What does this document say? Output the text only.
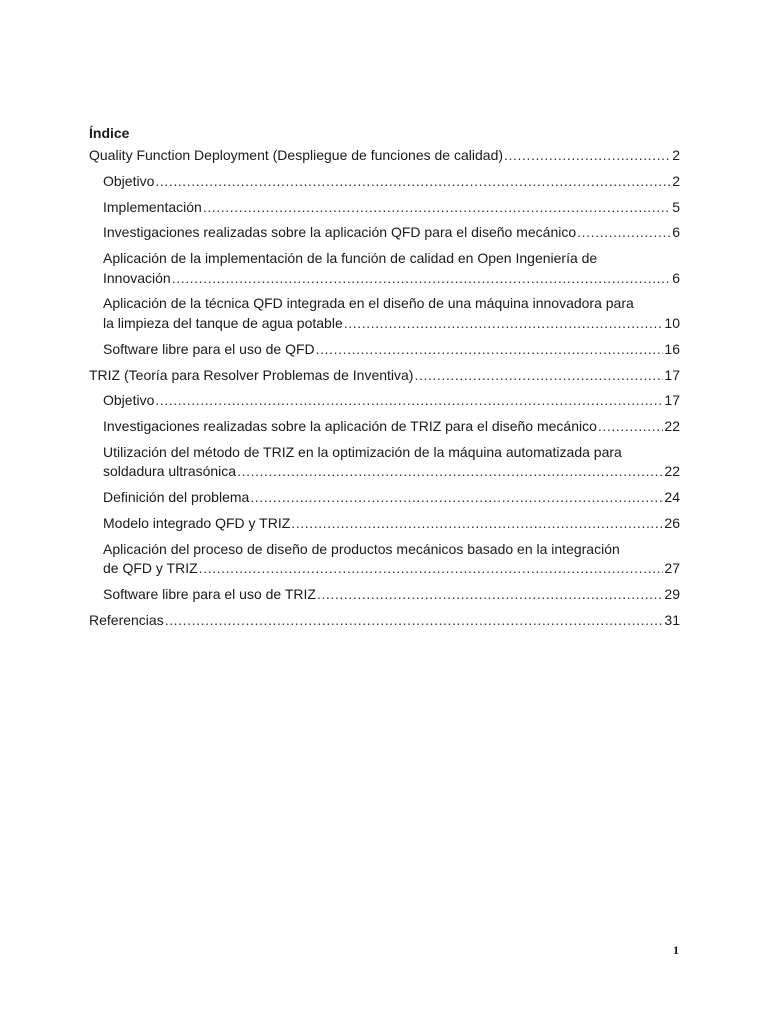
Índice
Quality Function Deployment (Despliegue de funciones de calidad) .....	2
Objetivo .....	2
Implementación .....	5
Investigaciones realizadas sobre la aplicación QFD para el diseño mecánico .....	6
Aplicación de la implementación de la función de calidad en Open Ingeniería de
Innovación .....	6
Aplicación de la técnica QFD integrada en el diseño de una máquina innovadora para
la limpieza del tanque de agua potable .....	10
Software libre para el uso de QFD .....	16
TRIZ (Teoría para Resolver Problemas de Inventiva) .....	17
Objetivo .....	17
Investigaciones realizadas sobre la aplicación de TRIZ para el diseño mecánico .....	22
Utilización del método de TRIZ en la optimización de la máquina automatizada para
soldadura ultrasónica .....	22
Definición del problema .....	24
Modelo integrado QFD y TRIZ .....	26
Aplicación del proceso de diseño de productos mecánicos basado en la integración
de QFD y TRIZ .....	27
Software libre para el uso de TRIZ .....	29
Referencias .....	31
1
